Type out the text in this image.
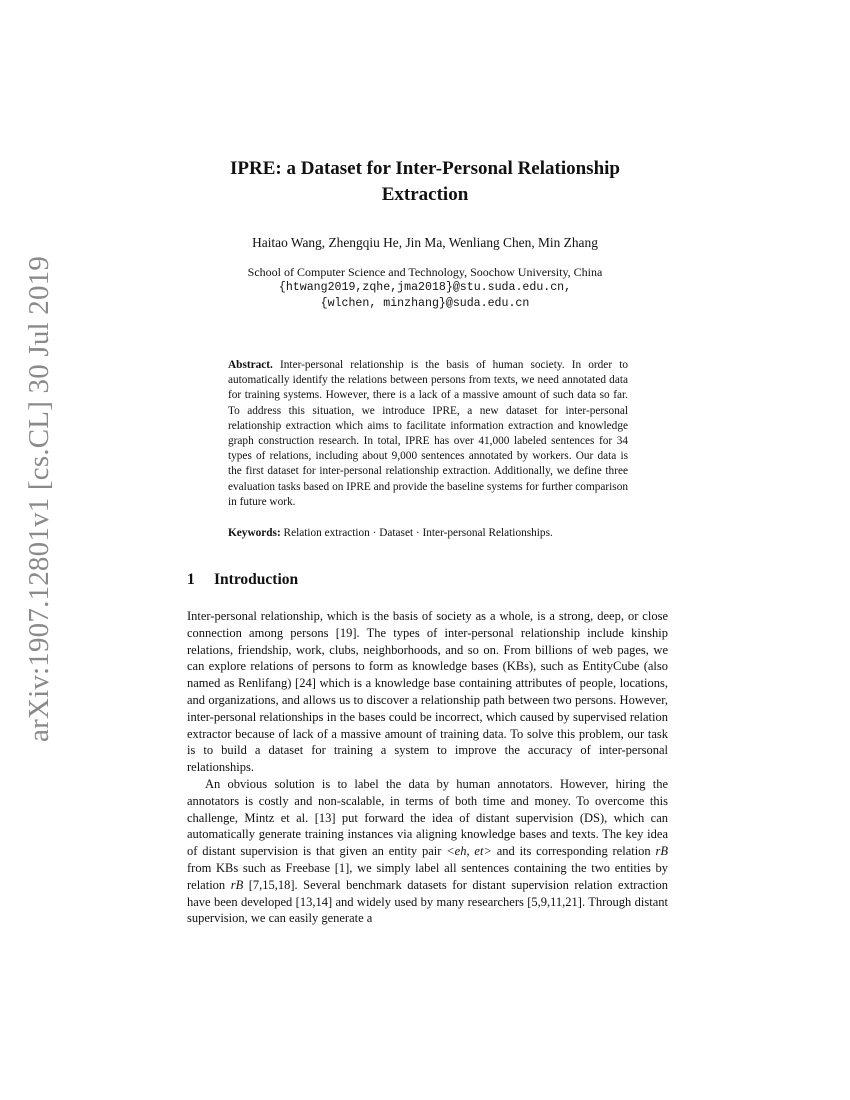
arXiv:1907.12801v1 [cs.CL] 30 Jul 2019
IPRE: a Dataset for Inter-Personal Relationship
Extraction
Haitao Wang, Zhengqiu He, Jin Ma, Wenliang Chen, Min Zhang
School of Computer Science and Technology, Soochow University, China
{htwang2019,zqhe,jma2018}@stu.suda.edu.cn,
{wlchen, minzhang}@suda.edu.cn
Abstract. Inter-personal relationship is the basis of human society. In order to automatically identify the relations between persons from texts, we need annotated data for training systems. However, there is a lack of a massive amount of such data so far. To address this situation, we introduce IPRE, a new dataset for inter-personal relationship extraction which aims to facilitate information extraction and knowledge graph construction research. In total, IPRE has over 41,000 labeled sentences for 34 types of relations, including about 9,000 sentences annotated by workers. Our data is the first dataset for inter-personal relationship extraction. Additionally, we define three evaluation tasks based on IPRE and provide the baseline systems for further comparison in future work.
Keywords: Relation extraction · Dataset · Inter-personal Relationships.
1 Introduction

Inter-personal relationship, which is the basis of society as a whole, is a strong, deep, or close connection among persons [19]. The types of inter-personal relationship include kinship relations, friendship, work, clubs, neighborhoods, and so on. From billions of web pages, we can explore relations of persons to form as knowledge bases (KBs), such as EntityCube (also named as Renlifang) [24] which is a knowledge base containing attributes of people, locations, and organizations, and allows us to discover a relationship path between two persons. However, inter-personal relationships in the bases could be incorrect, which caused by supervised relation extractor because of lack of a massive amount of training data. To solve this problem, our task is to build a dataset for training a system to improve the accuracy of inter-personal relationships.

An obvious solution is to label the data by human annotators. However, hiring the annotators is costly and non-scalable, in terms of both time and money. To overcome this challenge, Mintz et al. [13] put forward the idea of distant supervision (DS), which can automatically generate training instances via aligning knowledge bases and texts. The key idea of distant supervision is that given an entity pair <eh, et> and its corresponding relation rB from KBs such as Freebase [1], we simply label all sentences containing the two entities by relation rB [7,15,18]. Several benchmark datasets for distant supervision relation extraction have been developed [13,14] and widely used by many researchers [5,9,11,21]. Through distant supervision, we can easily generate a
